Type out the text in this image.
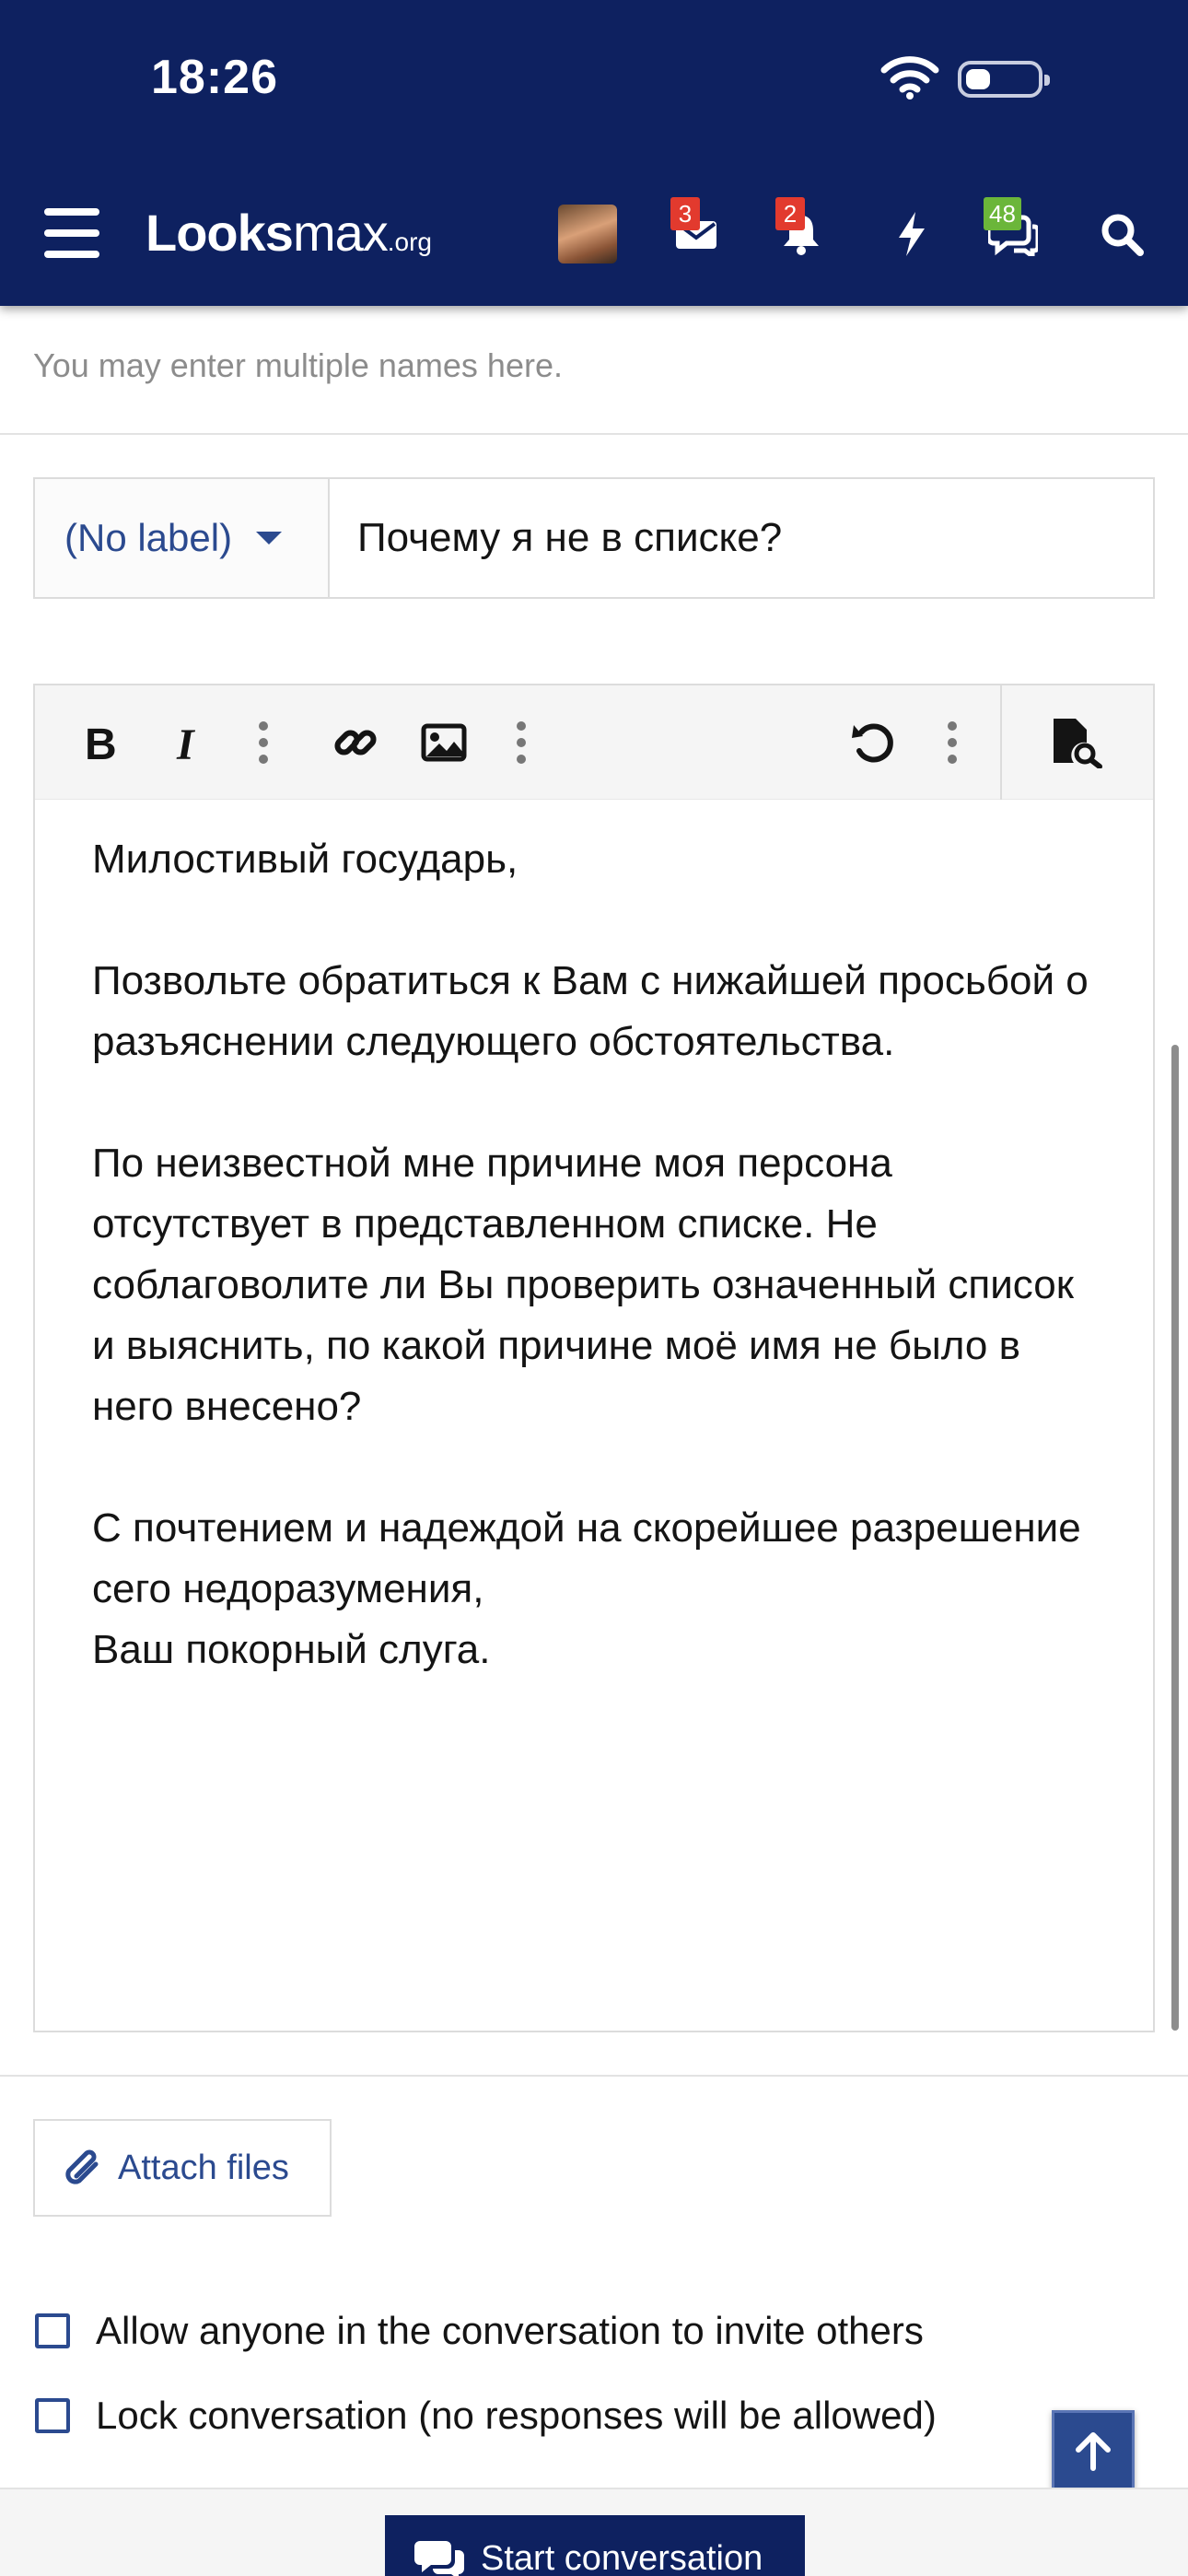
18:26
Looksmax.org
3	2	48
You may enter multiple names here.
(No label)	Почему я не в списке?
B I

Милостивый государь,

Позвольте обратиться к Вам с нижайшей просьбой о разъяснении следующего обстоятельства.

По неизвестной мне причине моя персона отсутствует в представленном списке. Не соблаговолите ли Вы проверить означенный список и выяснить, по какой причине моё имя не было в него внесено?

С почтением и надеждой на скорейшее разрешение сего недоразумения,
Ваш покорный слуга.
Attach files
Allow anyone in the conversation to invite others
Lock conversation (no responses will be allowed)
Start conversation
